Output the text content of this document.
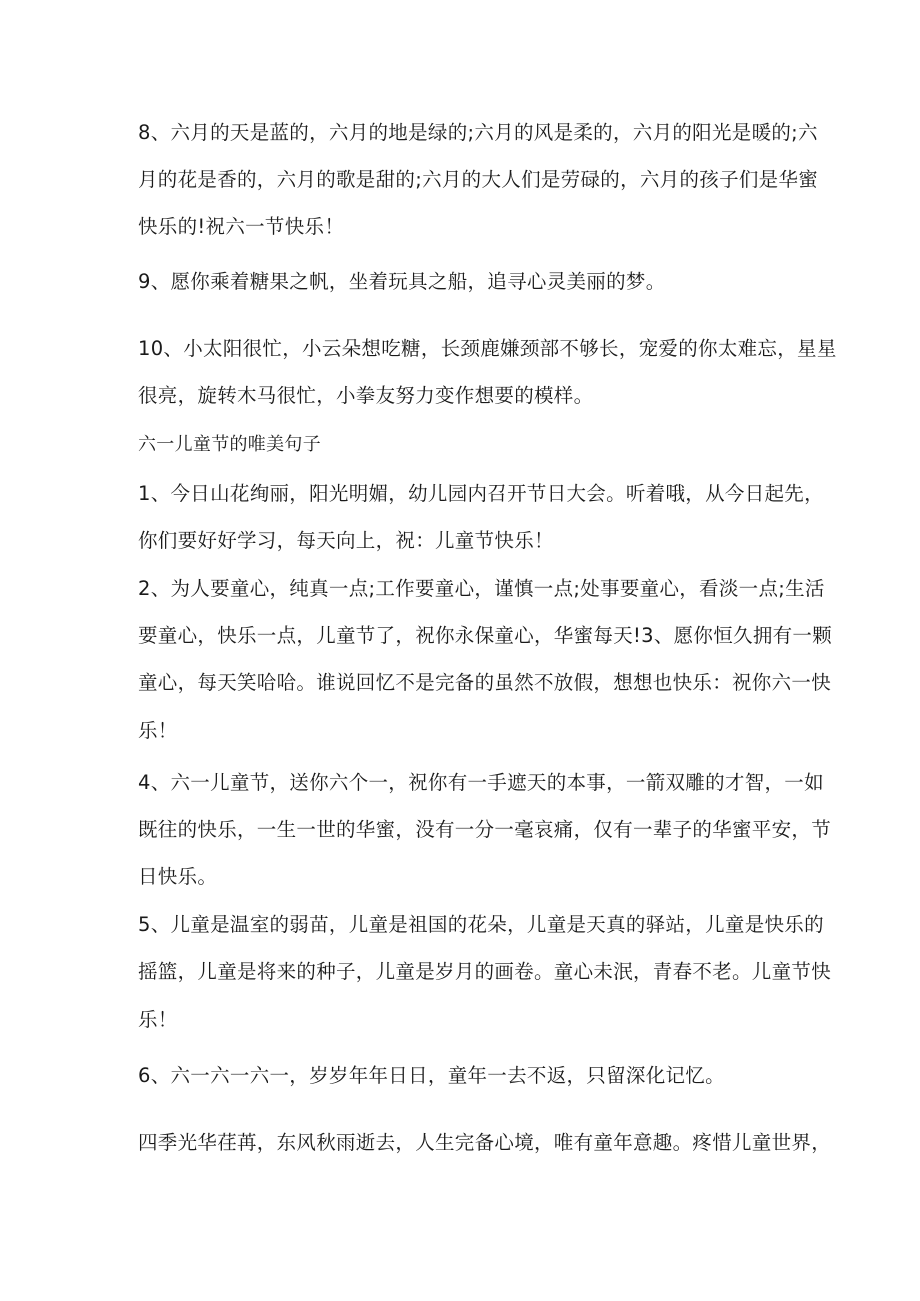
8、六月的天是蓝的，六月的地是绿的;六月的风是柔的，六月的阳光是暖的;六
月的花是香的，六月的歌是甜的;六月的大人们是劳碌的，六月的孩子们是华蜜
快乐的!祝六一节快乐！
9、愿你乘着糖果之帆，坐着玩具之船，追寻心灵美丽的梦。
10、小太阳很忙，小云朵想吃糖，长颈鹿嫌颈部不够长，宠爱的你太难忘，星星
很亮，旋转木马很忙，小拳友努力变作想要的模样。
六一儿童节的唯美句子
1、今日山花绚丽，阳光明媚，幼儿园内召开节日大会。听着哦，从今日起先，
你们要好好学习，每天向上，祝：儿童节快乐！
2、为人要童心，纯真一点;工作要童心，谨慎一点;处事要童心，看淡一点;生活
要童心，快乐一点，儿童节了，祝你永保童心，华蜜每天!3、愿你恒久拥有一颗
童心，每天笑哈哈。谁说回忆不是完备的虽然不放假，想想也快乐：祝你六一快
乐！
4、六一儿童节，送你六个一，祝你有一手遮天的本事，一箭双雕的才智，一如
既往的快乐，一生一世的华蜜，没有一分一毫哀痛，仅有一辈子的华蜜平安，节
日快乐。
5、儿童是温室的弱苗，儿童是祖国的花朵，儿童是天真的驿站，儿童是快乐的
摇篮，儿童是将来的种子，儿童是岁月的画卷。童心未泯，青春不老。儿童节快
乐！
6、六一六一六一，岁岁年年日日，童年一去不返，只留深化记忆。
四季光华荏苒，东风秋雨逝去，人生完备心境，唯有童年意趣。疼惜儿童世界，
